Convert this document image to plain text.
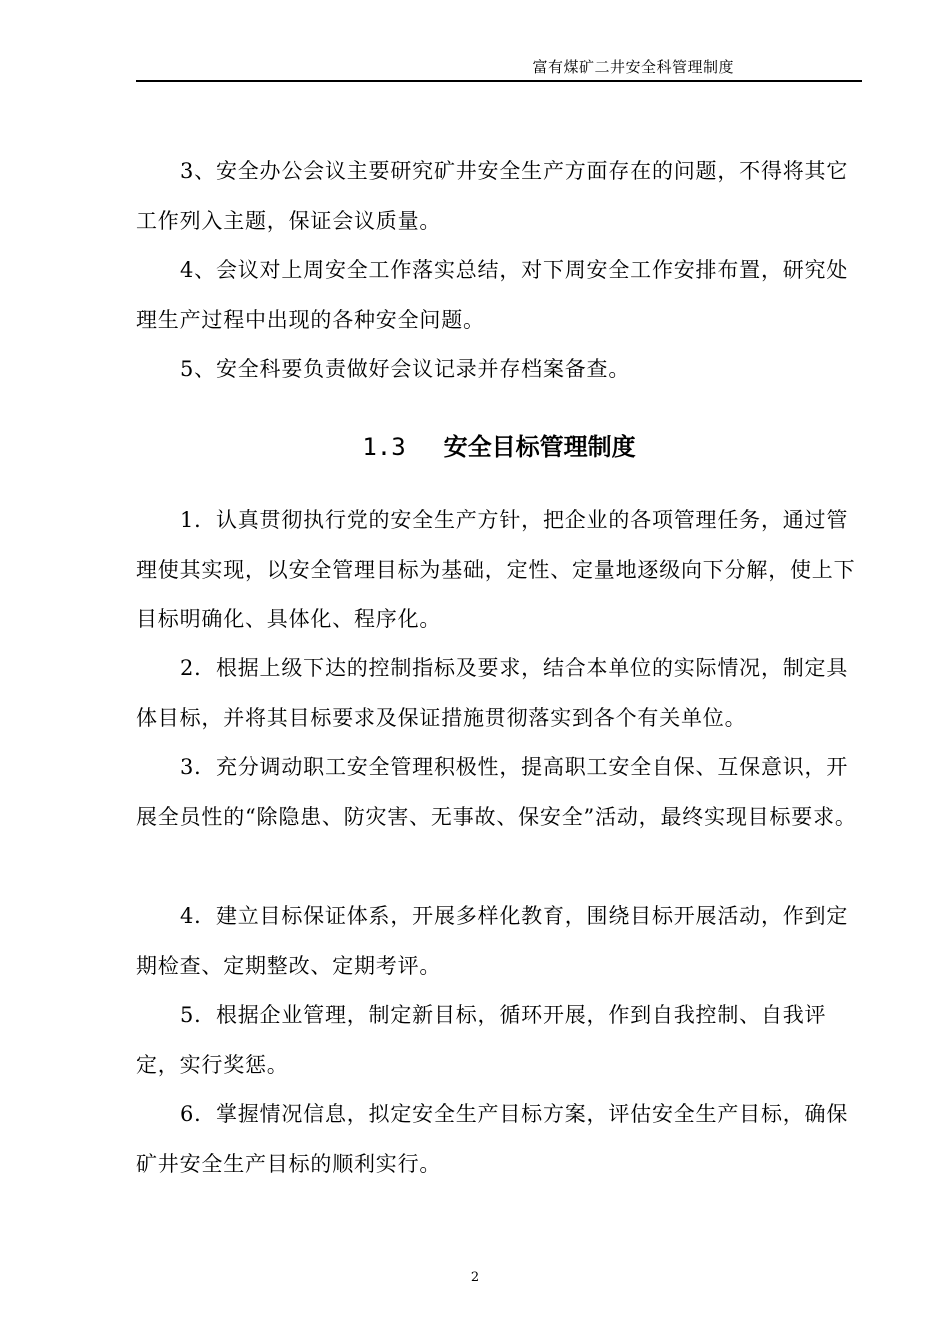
富有煤矿二井安全科管理制度

3、安全办公会议主要研究矿井安全生产方面存在的问题，不得将其它工作列入主题，保证会议质量。

4、会议对上周安全工作落实总结，对下周安全工作安排布置，研究处理生产过程中出现的各种安全问题。

5、安全科要负责做好会议记录并存档案备查。

1.3 安全目标管理制度

1．认真贯彻执行党的安全生产方针，把企业的各项管理任务，通过管理使其实现，以安全管理目标为基础，定性、定量地逐级向下分解，使上下目标明确化、具体化、程序化。

2．根据上级下达的控制指标及要求，结合本单位的实际情况，制定具体目标，并将其目标要求及保证措施贯彻落实到各个有关单位。

3．充分调动职工安全管理积极性，提高职工安全自保、互保意识，开展全员性的“除隐患、防灾害、无事故、保安全”活动，最终实现目标要求。

4．建立目标保证体系，开展多样化教育，围绕目标开展活动，作到定期检查、定期整改、定期考评。

5．根据企业管理，制定新目标，循环开展，作到自我控制、自我评定，实行奖惩。

6．掌握情况信息，拟定安全生产目标方案，评估安全生产目标，确保矿井安全生产目标的顺利实行。

2
